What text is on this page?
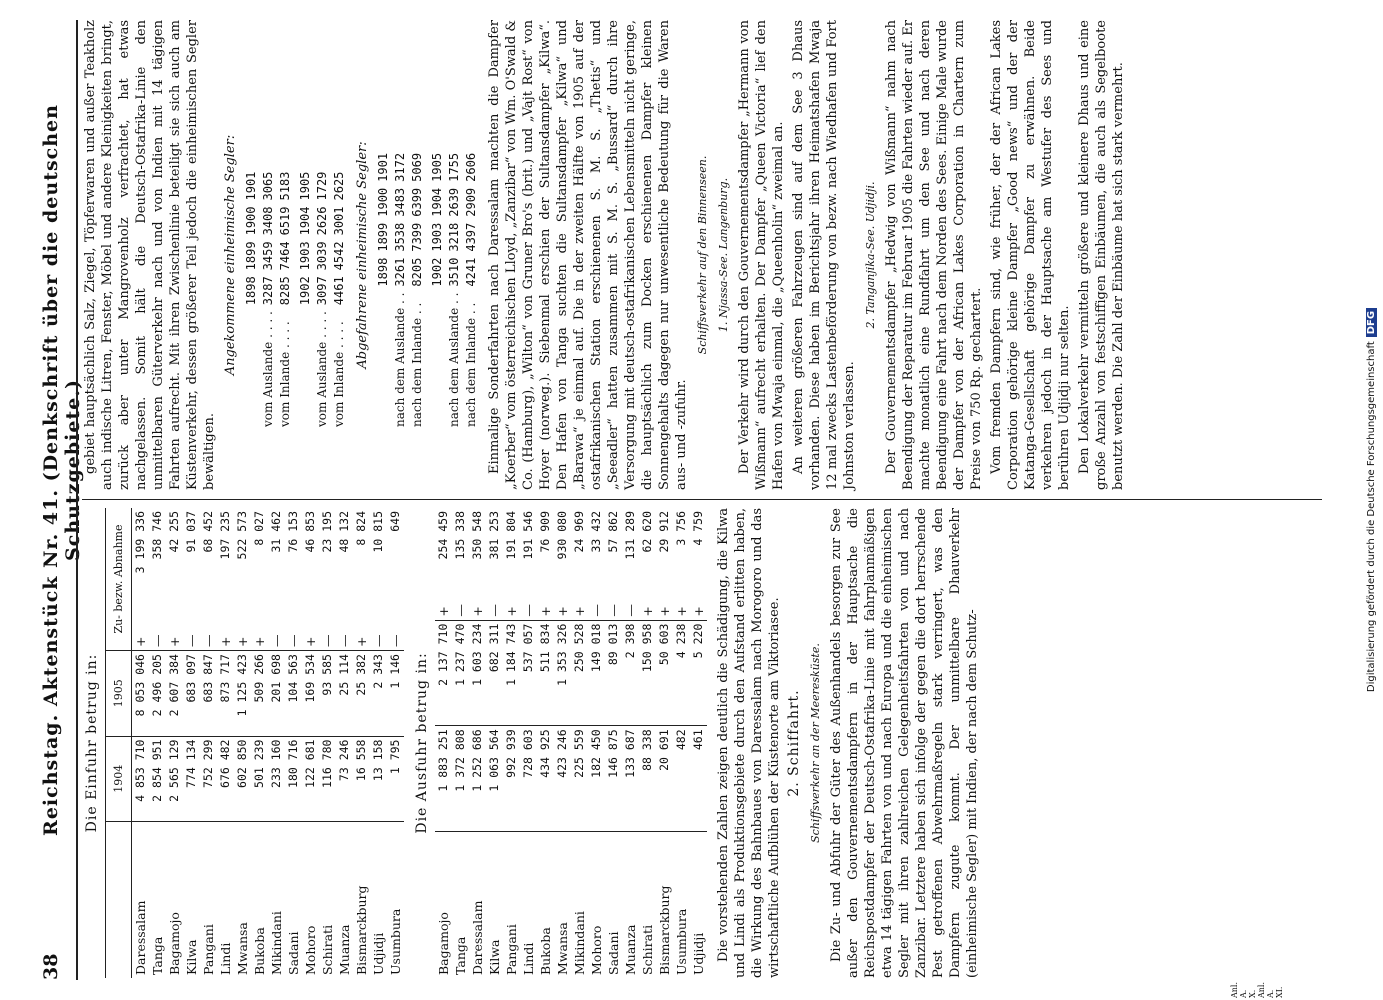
38
Reichstag. Aktenstück Nr. 41. (Denkschrift über die deutschen Schutzgebiete.)
Die Einfuhr betrug in:
	1904	1905	Zu- bezw. Abnahme	
Daressalam	4 853 710	8 053 046	+	3 199 336
Tanga	2 854 951	2 496 205	—	358 746
Bagamojo	2 565 129	2 607 384	+	42 255
Kilwa	774 134	683 097	—	91 037
Pangani	752 299	683 847	—	68 452
Lindi	676 482	873 717	+	197 235
Mwansa	602 850	1 125 423	+	522 573
Bukoba	501 239	509 266	+	8 027
Mikindani	233 160	201 698	—	31 462
Sadani	180 716	104 563	—	76 153
Mohoro	122 681	169 534	+	46 853
Schirati	116 780	93 585	—	23 195
Muanza	73 246	25 114	—	48 132
Bismarckburg	16 558	25 382	+	8 824
Udjidji	13 158	2 343	—	10 815
Usumbura	1 795	1 146	—	649
Die Ausfuhr betrug in:
Bagamojo	1 883 251	2 137 710	+	254 459
Tanga	1 372 808	1 237 470	—	135 338
Daressalam	1 252 686	1 603 234	+	350 548
Kilwa	1 063 564	682 311	—	381 253
Pangani	992 939	1 184 743	+	191 804
Lindi	728 603	537 057	—	191 546
Bukoba	434 925	511 834	+	76 909
Mwansa	423 246	1 353 326	+	930 080
Mikindani	225 559	250 528	+	24 969
Mohoro	182 450	149 018	—	33 432
Sadani	146 875	89 013	—	57 862
Muanza	133 687	2 398	—	131 289
Schirati	88 338	150 958	+	62 620
Bismarckburg	20 691	50 603	+	29 912
Usumbura	482	4 238	+	3 756
Udjidji	461	5 220	+	4 759 Die vorstehenden Zahlen zeigen deutlich die Schädigung, die Kilwa und Lindi als Produktionsgebiete durch den Aufstand erlitten haben, die Wirkung des Bahnbaues von Daressalam nach Morogoro und das wirtschaftliche Aufblühen der Küstenorte am Viktoriasee. 2. Schiffahrt. Schiffsverkehr an der Meeresküste. Die Zu- und Abfuhr der Güter des Außenhandels besorgen zur See außer den Gouvernementsdampfern in der Hauptsache die Reichspostdampfer der Deutsch-Ostafrika-Linie mit fahrplanmäßigen etwa 14 tägigen Fahrten von und nach Europa und die einheimischen Segler mit ihren zahlreichen Gelegenheitsfahrten von und nach Zanzibar. Letztere haben sich infolge der gegen die dort herrschende Pest getroffenen Abwehrmaßregeln stark verringert, was den Dampfern zugute kommt. Der unmittelbare Dhauverkehr (einheimische Segler) mit Indien, der nach dem Schutz-

Anl. A. X. Anl. A. XI.

gebiet hauptsächlich Salz, Ziegel, Töpferwaren und außer Teakholz auch indische Litren, Fenster, Möbel und andere Kleinigkeiten bringt, zurück aber unter Mangrovenholz verfrachtet, hat etwas nachgelassen. Somit hält die Deutsch-Ostafrika-Linie den unmittelbaren Güterverkehr nach und von Indien mit 14 tägigen Fahrten aufrecht. Mit ihren Zwischenlinie beteiligt sie sich auch am Küstenverkehr, dessen größerer Teil jedoch die einheimischen Segler bewältigen.

Angekommene einheimische Segler:
	1898	1899	1900	1901
vom Auslande . . . .	3287	3459	3408	3065
vom Inlande . . . .	8285	7464	6519	5183
	1902	1903	1904	1905
vom Auslande . . . .	3097	3039	2626	1729
vom Inlande . . . .	4461	4542	3001	2625 Abgefahrene einheimische Segler:
	1898	1899	1900	1901
nach dem Auslande . .	3261	3538	3483	3172
nach dem Inlande . .	8205	7399	6399	5069
	1902	1903	1904	1905
nach dem Auslande . .	3510	3218	2639	1755
nach dem Inlande . .	4241	4397	2909	2606 Einmalige Sonderfahrten nach Daressalam machten die Dampfer „Koerber“ vom österreichischen Lloyd, „Zanzibar“ von Wm. O'Swald & Co. (Hamburg), „Wilton“ von Gruner Bro's (brit.) und „Vajt Rost“ von Hoyer (norweg.). Siebenmal erschien der Sultansdampfer „Kilwa“. Den Hafen von Tanga suchten die Sultansdampfer „Kilwa“ und „Barawa“ je einmal auf. Die in der zweiten Hälfte von 1905 auf der ostafrikanischen Station erschienenen S. M. S. „Thetis“ und „Seeadler“ hatten zusammen mit S. M. S. „Bussard“ durch ihre Versorgung mit deutsch-ostafrikanischen Lebensmitteln nicht geringe, die hauptsächlich zum Docken erschienenen Dampfer kleinen Sonnengehalts dagegen nur unwesentliche Bedeutung für die Waren aus- und -zufuhr.

Schiffsverkehr auf den Binnenseen. 1. Njassa-See. Langenburg. Der Verkehr wird durch den Gouvernementsdampfer „Hermann von Wißmann“ aufrecht erhalten. Der Dampfer „Queen Victoria“ lief den Hafen von Mwaja einmal, die „Queenholin“ zweimal an. An weiteren größeren Fahrzeugen sind auf dem See 3 Dhaus vorhanden. Diese haben im Berichtsjahr ihren Heimatshafen Mwaja 12 mal zwecks Lastenbeförderung von bezw. nach Wiedhafen und Fort Johnston verlassen.

2. Tanganjika-See. Udjidji. Der Gouvernementsdampfer „Hedwig von Wißmann“ nahm nach Beendigung der Reparatur im Februar 1905 die Fahrten wieder auf. Er machte monatlich eine Rundfahrt um den See und nach deren Beendigung eine Fahrt nach dem Norden des Sees. Einige Male wurde der Dampfer von der African Lakes Corporation in Chartern zum Preise von 750 Rp. gechartert. Vom fremden Dampfern sind, wie früher, der der African Lakes Corporation gehörige kleine Dampfer „Good news“ und der der Katanga-Gesellschaft gehörige Dampfer zu erwähnen. Beide verkehren jedoch in der Hauptsache am Westufer des Sees und berühren Udjidji nur selten. Den Lokalverkehr vermitteln größere und kleinere Dhaus und eine große Anzahl von festschiffigen Einbäumen, die auch als Segelboote benutzt werden. Die Zahl der Einbäume hat sich stark vermehrt.

Digitalisierung gefördert durch die Deutsche ForschungsgemeinschaftDFG
